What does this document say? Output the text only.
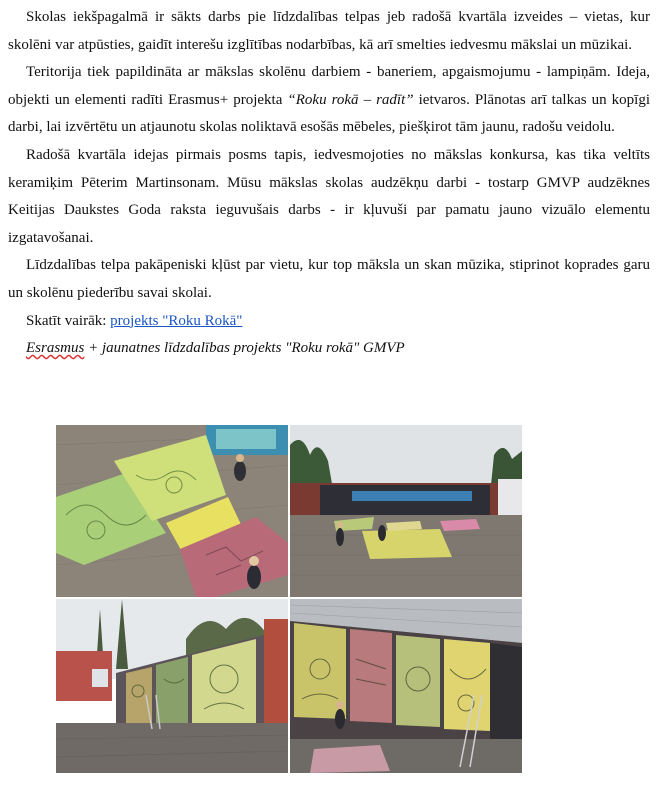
Skolas iekšpagalmā ir sākts darbs pie līdzdalības telpas jeb radošā kvartāla izveides – vietas, kur skolēni var atpūsties, gaidīt interešu izglītības nodarbības, kā arī smelties iedvesmu mākslai un mūzikai.

Teritorija tiek papildināta ar mākslas skolēnu darbiem - baneriem, apgaismojumu - lampiņām. Ideja, objekti un elementi radīti Erasmus+ projekta “Roku rokā – radīt” ietvaros. Plānotas arī talkas un kopīgi darbi, lai izvērtētu un atjaunotu skolas noliktavā esošās mēbeles, piešķirot tām jaunu, radošu veidolu.

Radošā kvartāla idejas pirmais posms tapis, iedvesmojoties no mākslas konkursa, kas tika veltīts keramiķim Pēterim Martinsonam. Mūsu mākslas skolas audzēkņu darbi - tostarp GMVP audzēknes Keitijas Daukstes Goda raksta ieguvušais darbs - ir kļuvuši par pamatu jauno vizuālo elementu izgatavošanai.

Līdzdalības telpa pakāpeniski kļūst par vietu, kur top māksla un skan mūzika, stiprinot koprades garu un skolēnu piederību savai skolai.

Skatīt vairāk: projekts "Roku Rokā"

Esrasmus + jaunatnes līdzdalības projekts "Roku rokā" GMVP
